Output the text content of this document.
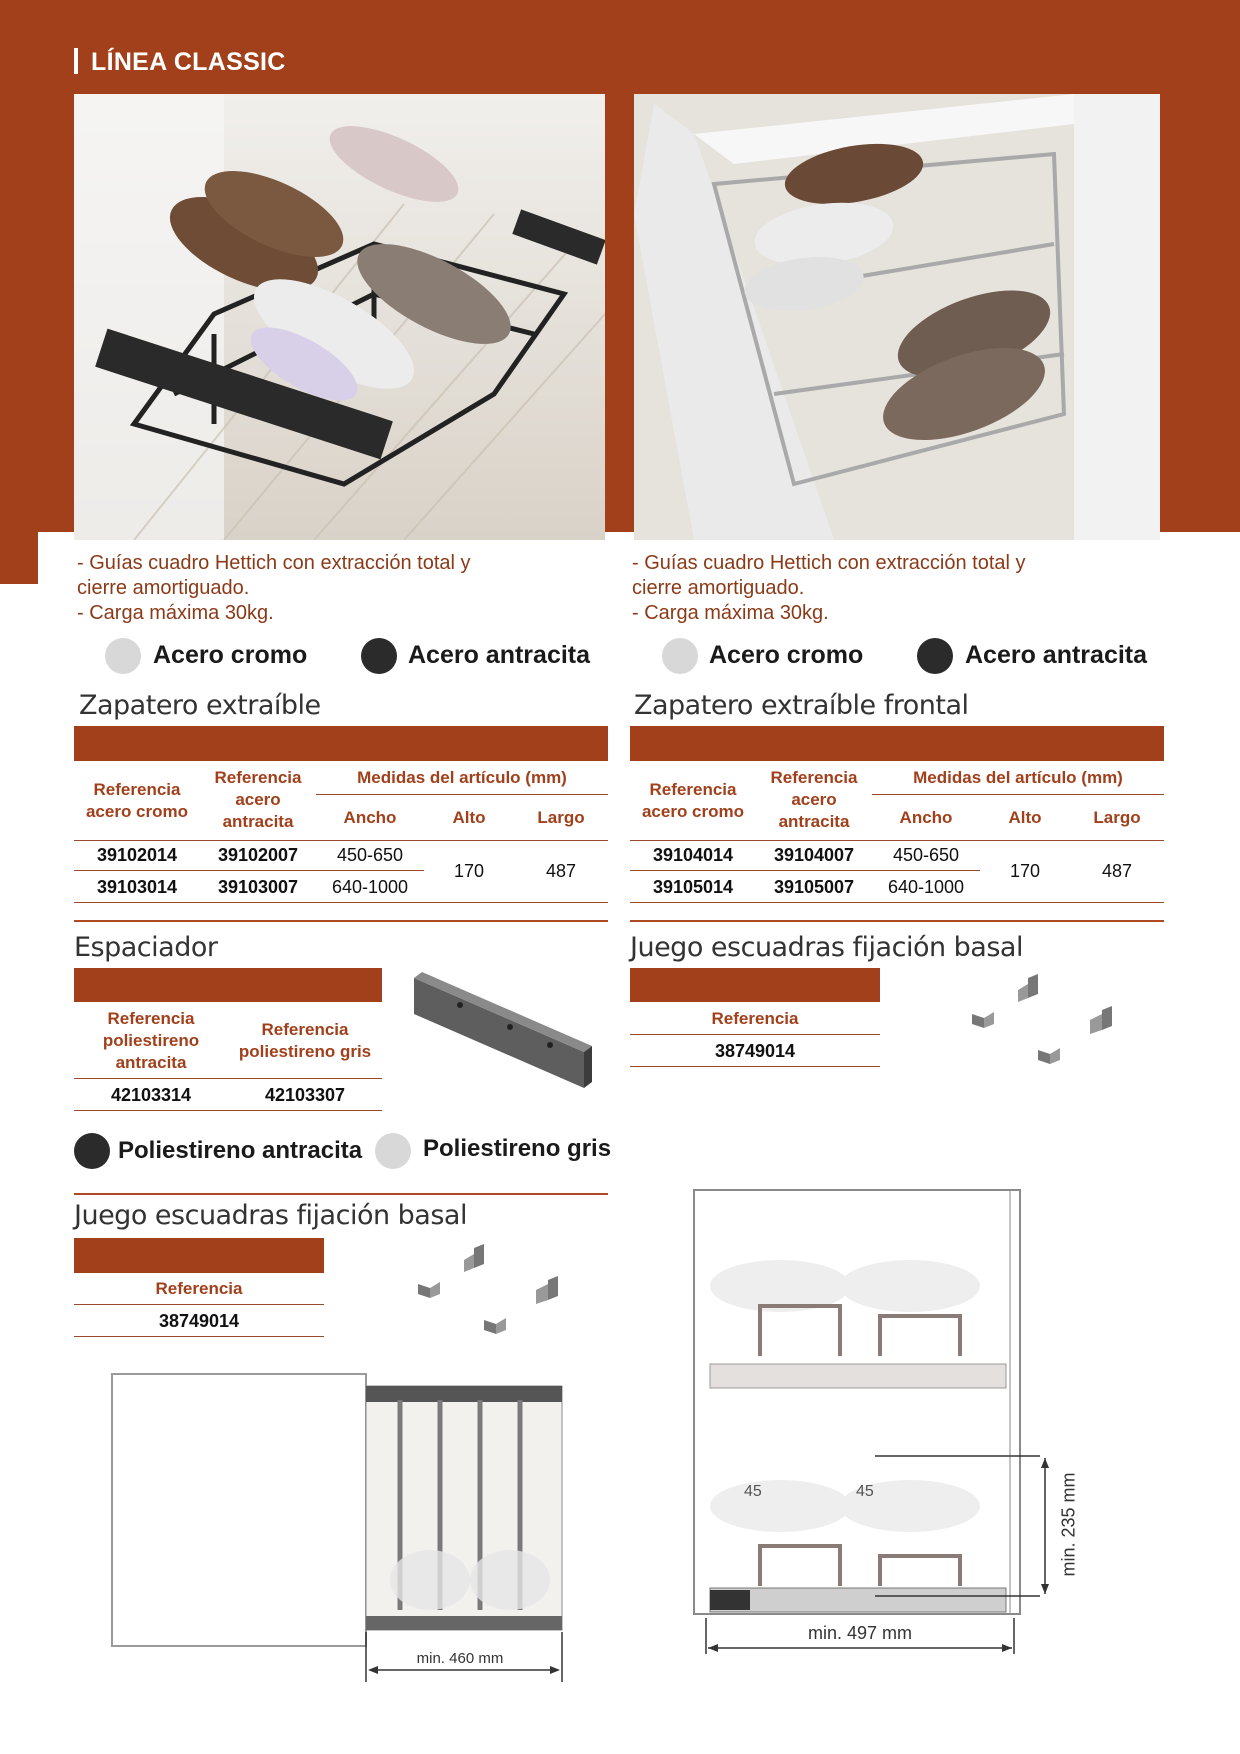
LÍNEA CLASSIC
- Guías cuadro Hettich con extracción total y
cierre amortiguado.
- Carga máxima 30kg.
- Guías cuadro Hettich con extracción total y
cierre amortiguado.
- Carga máxima 30kg.
Acero cromo	Acero antracita	Acero cromo	Acero antracita
Zapatero extraíble
Referencia
acero cromo
Referencia
acero
antracita
Medidas del artículo (mm)
Ancho	Alto	Largo
39102014	39102007	450-650
39103014	39103007	640-1000
170	487
Zapatero extraíble frontal
Referencia
acero cromo
Referencia
acero
antracita
Medidas del artículo (mm)
Ancho	Alto	Largo
39104014	39104007	450-650
39105014	39105007	640-1000
170	487
Espaciador
Referencia
poliestireno
antracita
Referencia
poliestireno gris
42103314	42103307
Poliestireno antracita	Poliestireno gris
Juego escuadras fijación basal
Referencia
38749014
Juego escuadras fijación basal
Referencia
38749014
min. 460 mm
45	45
min. 497 mm
min. 235 mm
